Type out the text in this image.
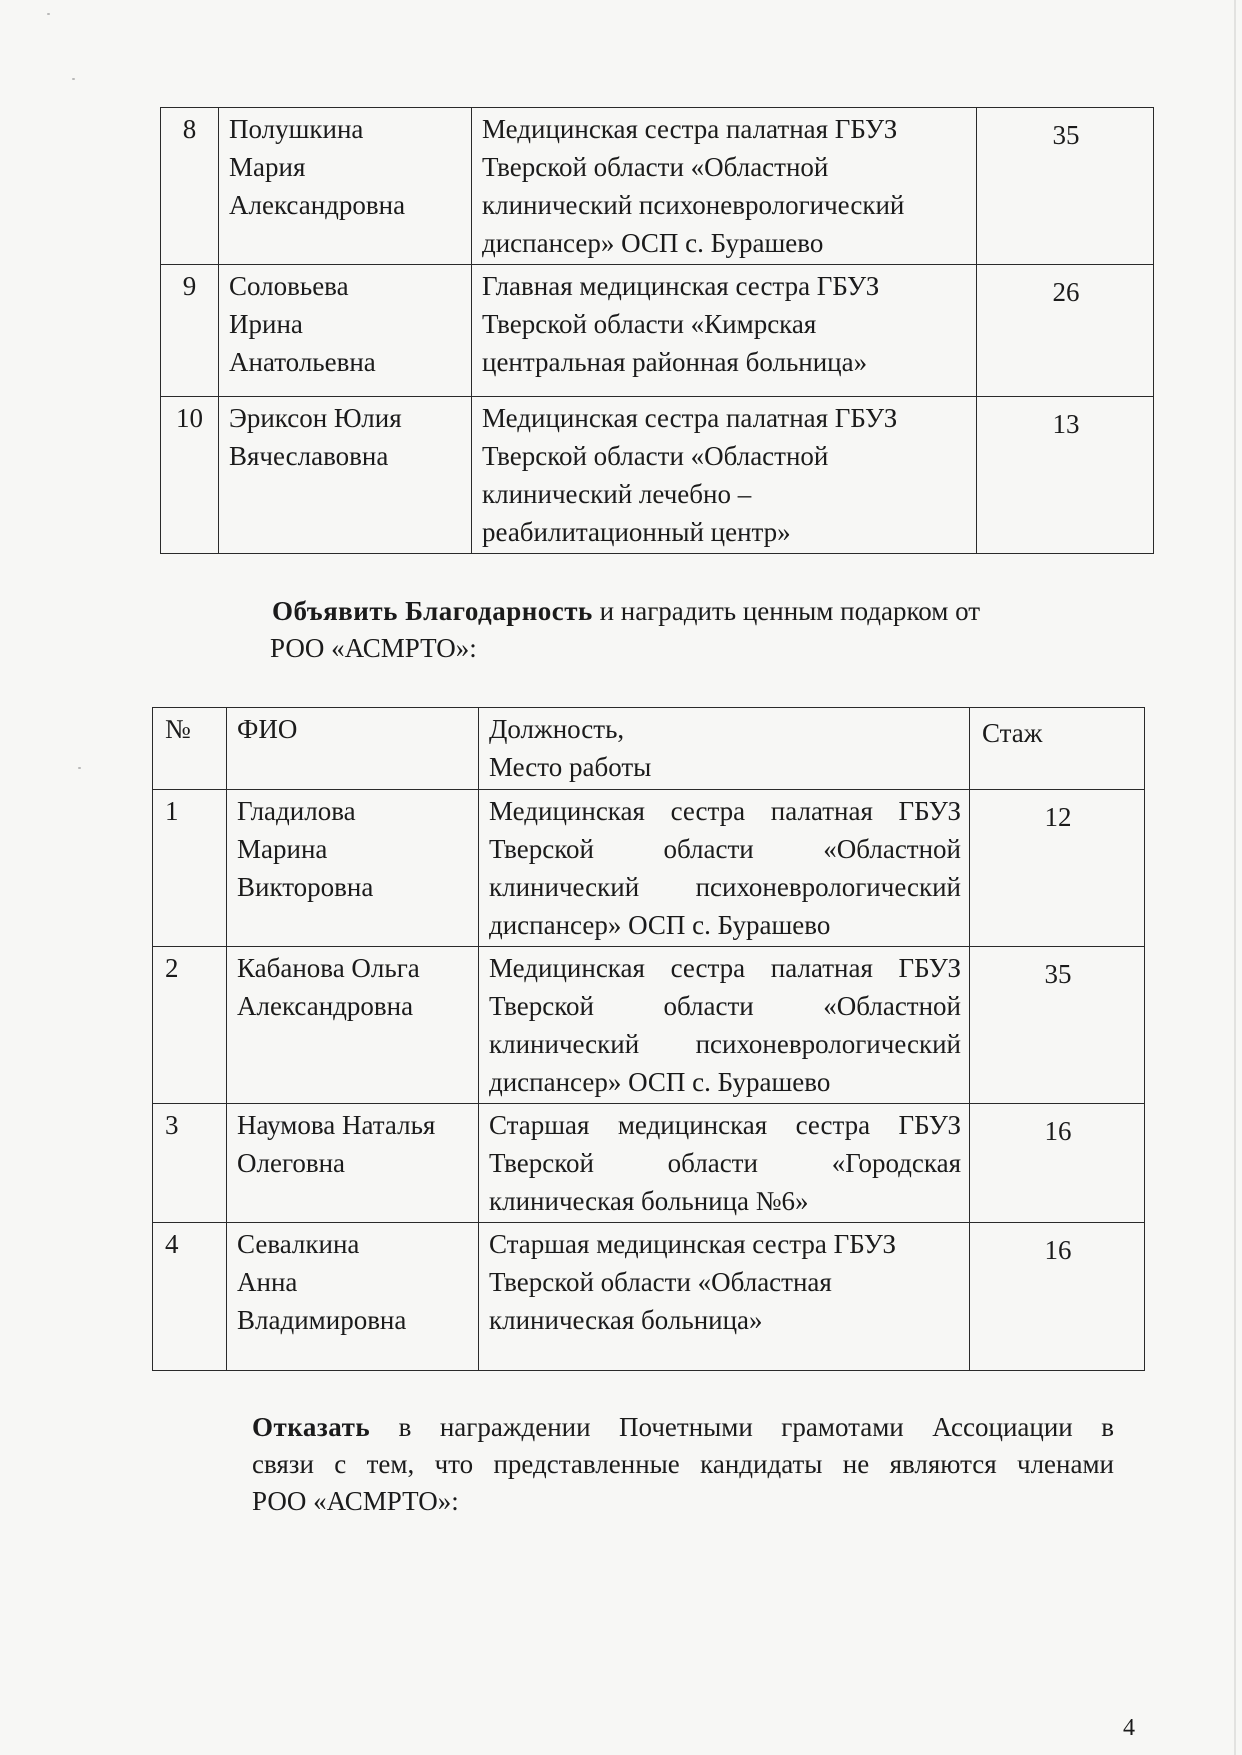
8	Полушкина
Мария
Александровна	Медицинская сестра палатная ГБУЗ
Тверской области «Областной
клинический психоневрологический
диспансер» ОСП с. Бурашево	35
9	Соловьева
Ирина
Анатольевна	Главная медицинская сестра ГБУЗ
Тверской области «Кимрская
центральная районная больница»	26
10	Эриксон Юлия
Вячеславовна	Медицинская сестра палатная ГБУЗ
Тверской области «Областной
клинический лечебно –
реабилитационный центр»	13
Объявить Благодарность и наградить ценным подарком от
РОО «АСМРТО»:
№	ФИО	Должность,
Место работы	Стаж
1	Гладилова
Марина
Викторовна	Медицинская сестра палатная ГБУЗ
Тверской области «Областной
клинический психоневрологический
диспансер» ОСП с. Бурашево	12
2	Кабанова Ольга
Александровна	Медицинская сестра палатная ГБУЗ
Тверской области «Областной
клинический психоневрологический
диспансер» ОСП с. Бурашево	35
3	Наумова Наталья
Олеговна	Старшая медицинская сестра ГБУЗ
Тверской области «Городская
клиническая больница №6»	16
4	Севалкина
Анна
Владимировна	Старшая медицинская сестра ГБУЗ
Тверской области «Областная
клиническая больница»	16
Отказать в награждении Почетными грамотами Ассоциации в
связи с тем, что представленные кандидаты не являются членами
РОО «АСМРТО»:
4
